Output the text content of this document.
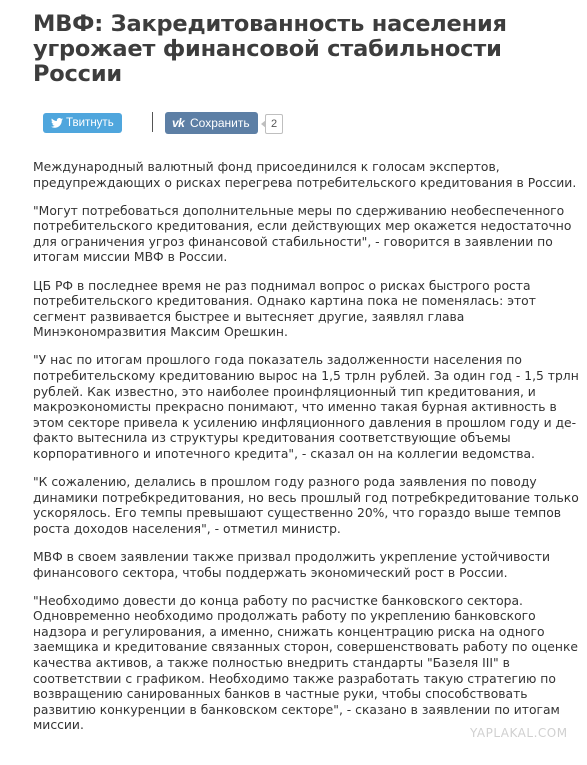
МВФ: Закредитованность населения угрожает финансовой стабильности России
Твитнуть	vk Сохранить	2

Международный валютный фонд присоединился к голосам экспертов, предупреждающих о рисках перегрева потребительского кредитования в России.

"Могут потребоваться дополнительные меры по сдерживанию необеспеченного потребительского кредитования, если действующих мер окажется недостаточно для ограничения угроз финансовой стабильности", - говорится в заявлении по итогам миссии МВФ в России.

ЦБ РФ в последнее время не раз поднимал вопрос о рисках быстрого роста потребительского кредитования. Однако картина пока не поменялась: этот сегмент развивается быстрее и вытесняет другие, заявлял глава Минэкономразвития Максим Орешкин.

"У нас по итогам прошлого года показатель задолженности населения по потребительскому кредитованию вырос на 1,5 трлн рублей. За один год - 1,5 трлн рублей. Как известно, это наиболее проинфляционный тип кредитования, и макроэкономисты прекрасно понимают, что именно такая бурная активность в этом секторе привела к усилению инфляционного давления в прошлом году и де-факто вытеснила из структуры кредитования соответствующие объемы корпоративного и ипотечного кредита", - сказал он на коллегии ведомства.

"К сожалению, делались в прошлом году разного рода заявления по поводу динамики потребкредитования, но весь прошлый год потребкредитование только ускорялось. Его темпы превышают существенно 20%, что гораздо выше темпов роста доходов населения", - отметил министр.

МВФ в своем заявлении также призвал продолжить укрепление устойчивости финансового сектора, чтобы поддержать экономический рост в России.

"Необходимо довести до конца работу по расчистке банковского сектора. Одновременно необходимо продолжать работу по укреплению банковского надзора и регулирования, а именно, снижать концентрацию риска на одного заемщика и кредитование связанных сторон, совершенствовать работу по оценке качества активов, а также полностью внедрить стандарты "Базеля III" в соответствии с графиком. Необходимо также разработать такую стратегию по возвращению санированных банков в частные руки, чтобы способствовать развитию конкуренции в банковском секторе", - сказано в заявлении по итогам миссии.

YAPLAKAL.COM
